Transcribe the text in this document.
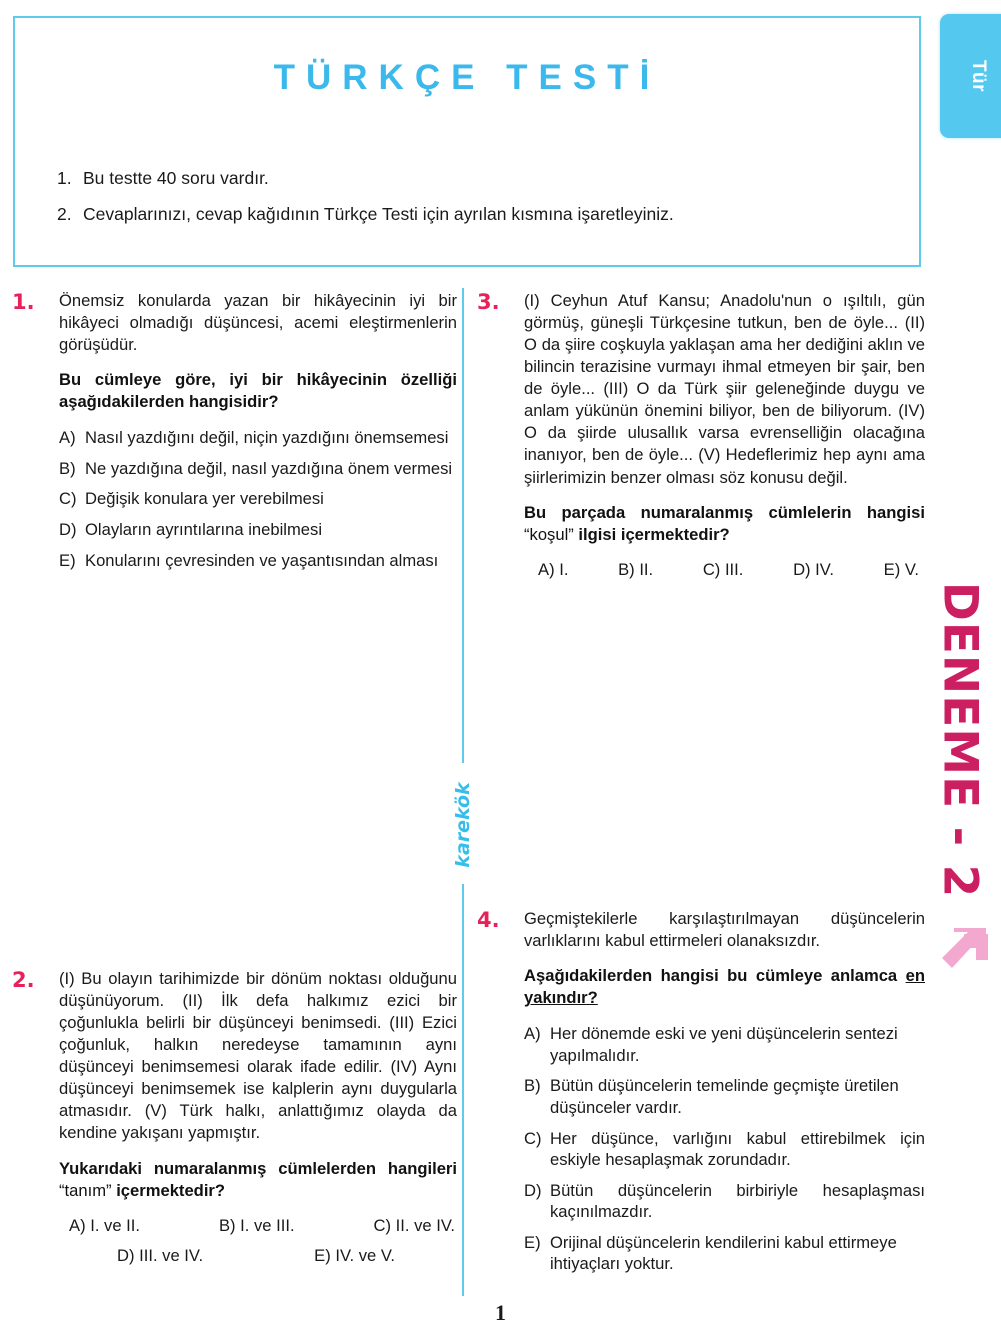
TÜRKÇE TESTİ
1. Bu testte 40 soru vardır.
2. Cevaplarınızı, cevap kağıdının Türkçe Testi için ayrılan kısmına işaretleyiniz.
Tür
DENEME - 2
karekök
1.	Önemsiz konularda yazan bir hikâyecinin iyi bir hikâyeci olmadığı düşüncesi, acemi eleştirmenlerin görüşüdür.
Bu cümleye göre, iyi bir hikâyecinin özelliği aşağıdakilerden hangisidir?
A) Nasıl yazdığını değil, niçin yazdığını önemsemesi
B) Ne yazdığına değil, nasıl yazdığına önem vermesi
C) Değişik konulara yer verebilmesi
D) Olayların ayrıntılarına inebilmesi
E) Konularını çevresinden ve yaşantısından alması
2.	(I) Bu olayın tarihimizde bir dönüm noktası olduğunu düşünüyorum. (II) İlk defa halkımız ezici bir çoğunlukla belirli bir düşünceyi benimsedi. (III) Ezici çoğunluk, halkın neredeyse tamamının aynı düşünceyi benimsemesi olarak ifade edilir. (IV) Aynı düşünceyi benimsemek ise kalplerin aynı duygularla atmasıdır. (V) Türk halkı, anlattığımız olayda da kendine yakışanı yapmıştır.
Yukarıdaki numaralanmış cümlelerden hangileri “tanım” içermektedir?
A) I. ve II.	B) I. ve III.	C) II. ve IV.
D) III. ve IV.	E) IV. ve V.
3.	(I) Ceyhun Atuf Kansu; Anadolu'nun o ışıltılı, gün görmüş, güneşli Türkçesine tutkun, ben de öyle... (II) O da şiire coşkuyla yaklaşan ama her dediğini aklın ve bilincin terazisine vurmayı ihmal etmeyen bir şair, ben de öyle... (III) O da Türk şiir geleneğinde duygu ve anlam yükünün önemini biliyor, ben de biliyorum. (IV) O da şiirde ulusallık varsa evrenselliğin olacağına inanıyor, ben de öyle... (V) Hedeflerimiz hep aynı ama şiirlerimizin benzer olması söz konusu değil.
Bu parçada numaralanmış cümlelerin hangisi “koşul” ilgisi içermektedir?
A) I.	B) II.	C) III.	D) IV.	E) V.
4.	Geçmiştekilerle karşılaştırılmayan düşüncelerin varlıklarını kabul ettirmeleri olanaksızdır.
Aşağıdakilerden hangisi bu cümleye anlamca en yakındır?
A) Her dönemde eski ve yeni düşüncelerin sentezi yapılmalıdır.
B) Bütün düşüncelerin temelinde geçmişte üretilen düşünceler vardır.
C) Her düşünce, varlığını kabul ettirebilmek için eskiyle hesaplaşmak zorundadır.
D) Bütün düşüncelerin birbiriyle hesaplaşması kaçınılmazdır.
E) Orijinal düşüncelerin kendilerini kabul ettirmeye ihtiyaçları yoktur.
1
